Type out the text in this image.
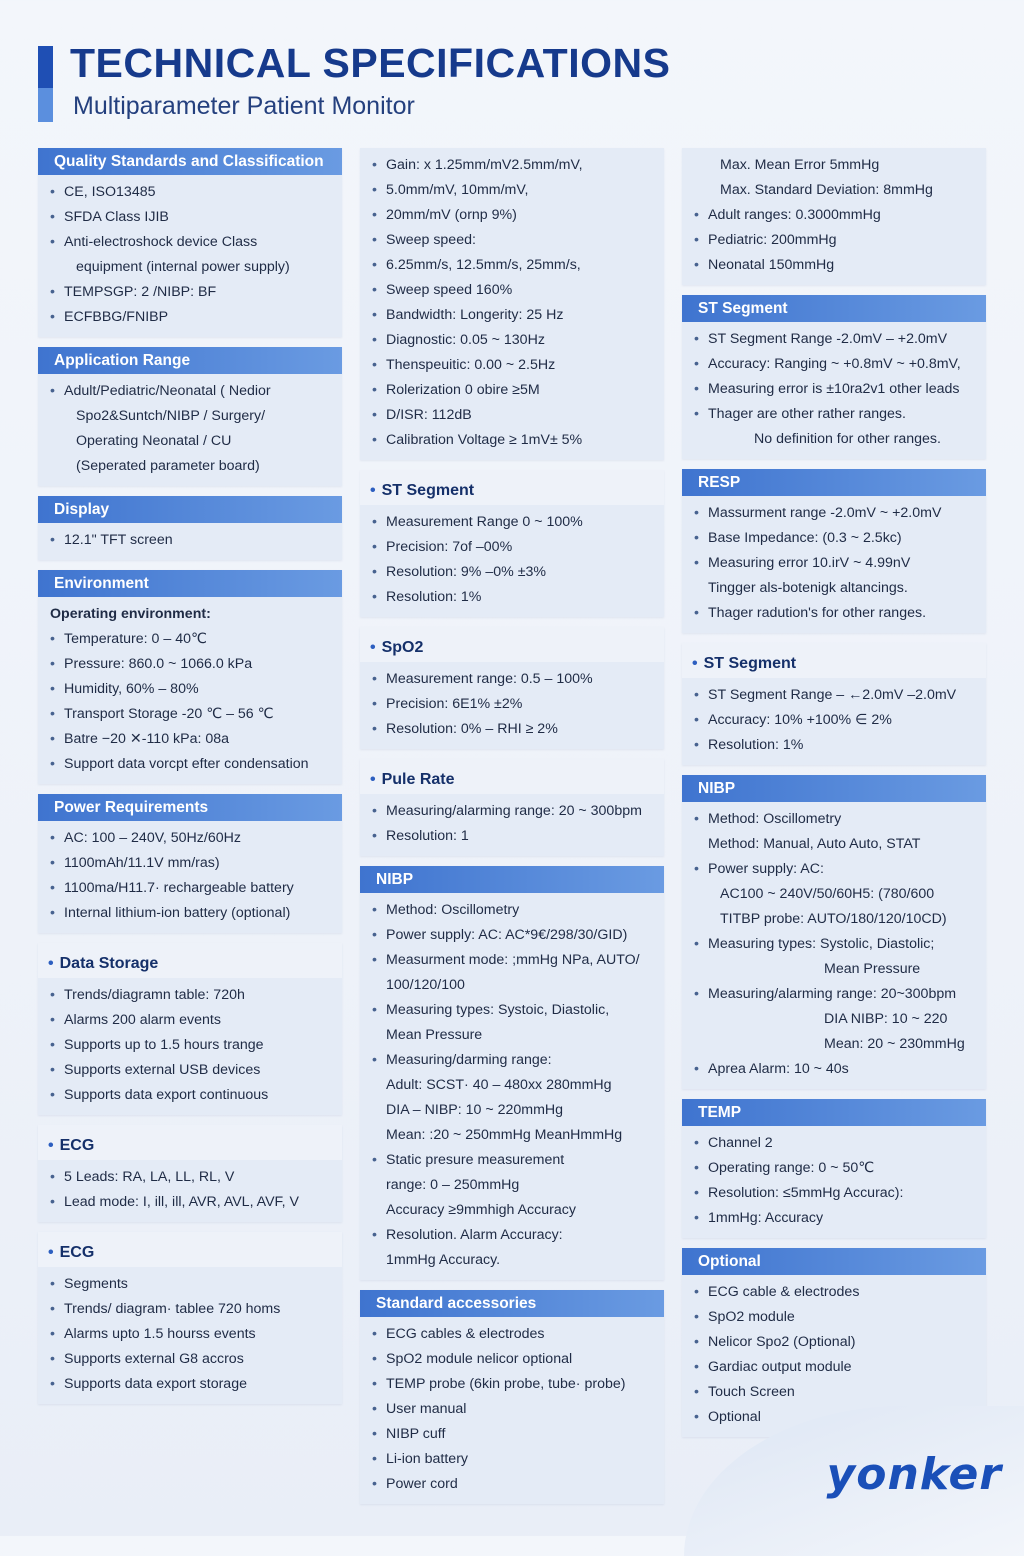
TECHNICAL SPECIFICATIONS
Multiparameter Patient Monitor
Quality Standards and Classification
• CE, ISO13485
• SFDA Class IJIB
• Anti-electroshock device Class
equipment (internal power supply)
• TEMPSGP: 2 /NIBP: BF
• ECFBBG/FNIBP
Application Range
• Adult/Pediatric/Neonatal ( Nedior
Spo2&Suntch/NIBP / Surgery/
Operating Neonatal / CU
(Seperated parameter board)
Display
• 12.1" TFT screen
Environment
Operating environment:
• Temperature: 0 – 40℃
• Pressure: 860.0 ~ 1066.0 kPa
• Humidity, 60% – 80%
• Transport Storage -20 ℃ – 56 ℃
• Batre −20 ✕-110 kPa: 08a
• Support data vorcpt efter condensation
Power Requirements
• AC: 100 – 240V, 50Hz/60Hz
• 1100mAh/11.1V mm/ras)
• 1100ma/H11.7· rechargeable battery
• Internal lithium-ion battery (optional)
• Data Storage
• Trends/diagramn table: 720h
• Alarms 200 alarm events
• Supports up to 1.5 hours trange
• Supports external USB devices
• Supports data export continuous
• ECG
• 5 Leads: RA, LA, LL, RL, V
• Lead mode: I, ill, ill, AVR, AVL, AVF, V
• ECG
• Segments
• Trends/ diagram· tablee 720 homs
• Alarms upto 1.5 hourss events
• Supports external G8 accros
• Supports data export storage
• Gain: x 1.25mm/mV2.5mm/mV,
• 5.0mm/mV, 10mm/mV,
• 20mm/mV (ornp 9%)
• Sweep speed:
• 6.25mm/s, 12.5mm/s, 25mm/s,
• Sweep speed 160%
• Bandwidth: Longerity: 25 Hz
• Diagnostic: 0.05 ~ 130Hz
• Thenspeuitic: 0.00 ~ 2.5Hz
• Rolerization 0 obire ≥5M
• D/ISR: 112dB
• Calibration Voltage ≥ 1mV± 5%
• ST Segment
• Measurement Range 0 ~ 100%
• Precision: 7of –00%
• Resolution: 9% –0% ±3%
• Resolution: 1%
• SpO2
• Measurement range: 0.5 – 100%
• Precision: 6E1% ±2%
• Resolution: 0% – RHI ≥ 2%
• Pule Rate
• Measuring/alarming range: 20 ~ 300bpm
• Resolution: 1
NIBP
• Method: Oscillometry
• Power supply: AC: AC*9€/298/30/GID)
• Measurment mode: ;mmHg NPa, AUTO/
100/120/100
• Measuring types: Systoic, Diastolic,
Mean Pressure
• Measuring/darming range:
Adult: SCST· 40 – 480xx 280mmHg
DIA – NIBP: 10 ~ 220mmHg
Mean: :20 ~ 250mmHg MeanHmmHg
• Static presure measurement
range: 0 – 250mmHg
Accuracy ≥9mmhigh Accuracy
• Resolution. Alarm Accuracy:
1mmHg Accuracy.
Standard accessories
• ECG cables & electrodes
• SpO2 module nelicor optional
• TEMP probe (6kin probe, tube· probe)
• User manual
• NIBP cuff
• Li-ion battery
• Power cord
Max. Mean Error 5mmHg
Max. Standard Deviation: 8mmHg
• Adult ranges: 0.3000mmHg
• Pediatric: 200mmHg
• Neonatal 150mmHg
ST Segment
• ST Segment Range -2.0mV – +2.0mV
• Accuracy: Ranging ~ +0.8mV ~ +0.8mV,
• Measuring error is ±10ra2v1 other leads
• Thager are other rather ranges.
No definition for other ranges.
RESP
• Massurment range -2.0mV ~ +2.0mV
• Base Impedance: (0.3 ~ 2.5kc)
• Measuring error 10.irV ~ 4.99nV
Tingger als-botenigk altancings.
• Thager radution's for other ranges.
• ST Segment
• ST Segment Range – ←2.0mV –2.0mV
• Accuracy: 10% +100% ∈ 2%
• Resolution: 1%
NIBP
• Method: Oscillometry
Method: Manual, Auto Auto, STAT
• Power supply: AC:
AC100 ~ 240V/50/60H5: (780/600
TITBP probe: AUTO/180/120/10CD)
• Measuring types: Systolic, Diastolic;
Mean Pressure
• Measuring/alarming range: 20~300bpm
DIA NIBP: 10 ~ 220
Mean: 20 ~ 230mmHg
• Aprea Alarm: 10 ~ 40s
TEMP
• Channel 2
• Operating range: 0 ~ 50℃
• Resolution: ≤5mmHg Accurac):
• 1mmHg: Accuracy
Optional
• ECG cable & electrodes
• SpO2 module
• Nelicor Spo2 (Optional)
• Gardiac output module
• Touch Screen
• Optional
yonker
